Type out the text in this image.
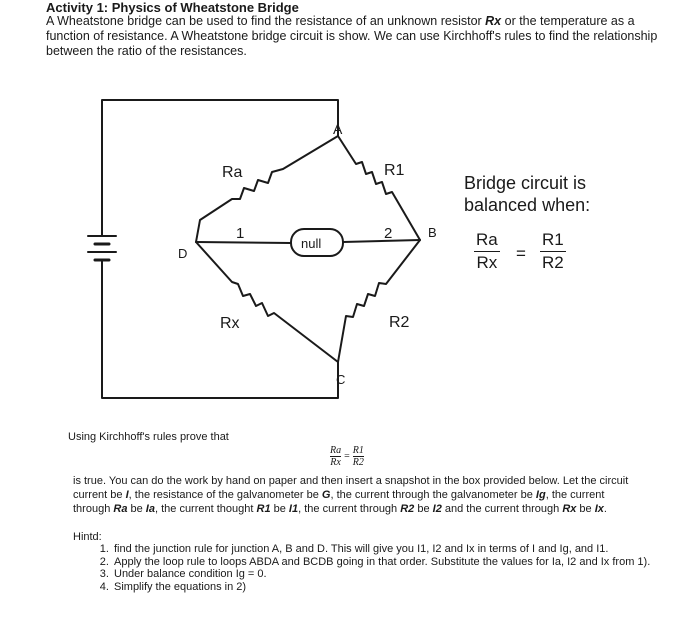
Activity 1: Physics of Wheatstone Bridge
A Wheatstone bridge can be used to find the resistance of an unknown resistor Rx or the temperature as a function of resistance. A Wheatstone bridge circuit is show. We can use Kirchhoff's rules to find the relationship between the ratio of the resistances.
A
B
C
D
Ra	R1
Rx	R2
1	2
null
Bridge circuit is
balanced when:
$\frac{Ra}{Rx} = \frac{R1}{R2}$
Using Kirchhoff's rules prove that
$\frac{Ra}{Rx} = \frac{R1}{R2}$
is true. You can do the work by hand on paper and then insert a snapshot in the box provided below. Let the circuit current be I, the resistance of the galvanometer be G, the current through the galvanometer be Ig, the current through Ra be Ia, the current thought R1 be I1, the current through R2 be I2 and the current through Rx be Ix.
Hintd:
1. find the junction rule for junction A, B and D. This will give you I1, I2 and Ix in terms of I and Ig, and I1.
2. Apply the loop rule to loops ABDA and BCDB going in that order. Substitute the values for Ia, I2 and Ix from 1).
3. Under balance condition Ig = 0.
4. Simplify the equations in 2)
